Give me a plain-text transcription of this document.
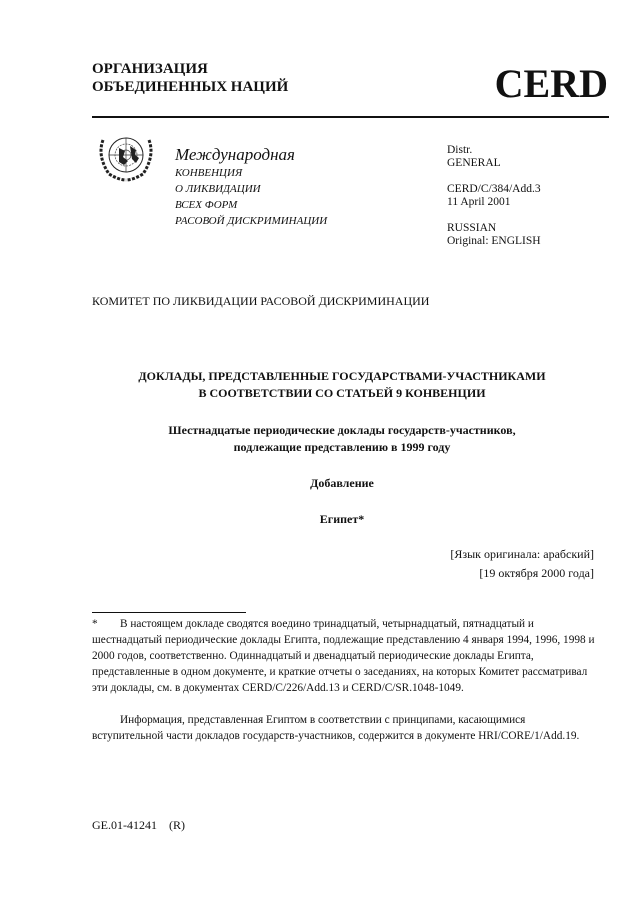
ОРГАНИЗАЦИЯ
ОБЪЕДИНЕННЫХ НАЦИЙ	CERD
Международная
КОНВЕНЦИЯ
О ЛИКВИДАЦИИ
ВСЕХ ФОРМ
РАСОВОЙ ДИСКРИМИНАЦИИ
Distr.
GENERAL
CERD/C/384/Add.3
11 April 2001
RUSSIAN
Original: ENGLISH
КОМИТЕТ ПО ЛИКВИДАЦИИ РАСОВОЙ ДИСКРИМИНАЦИИ
ДОКЛАДЫ, ПРЕДСТАВЛЕННЫЕ ГОСУДАРСТВАМИ-УЧАСТНИКАМИ
В СООТВЕТСТВИИ СО СТАТЬЕЙ 9 КОНВЕНЦИИ
Шестнадцатые периодические доклады государств-участников,
подлежащие представлению в 1999 году
Добавление
Египет*
[Язык оригинала: арабский]
[19 октября 2000 года]

* В настоящем докладе сводятся воедино тринадцатый, четырнадцатый, пятнадцатый и шестнадцатый периодические доклады Египта, подлежащие представлению 4 января 1994, 1996, 1998 и 2000 годов, соответственно. Одиннадцатый и двенадцатый периодические доклады Египта, представленные в одном документе, и краткие отчеты о заседаниях, на которых Комитет рассматривал эти доклады, см. в документах CERD/C/226/Add.13 и CERD/C/SR.1048-1049.

Информация, представленная Египтом в соответствии с принципами, касающимися вступительной части докладов государств-участников, содержится в документе HRI/CORE/1/Add.19.

GE.01-41241    (R)
